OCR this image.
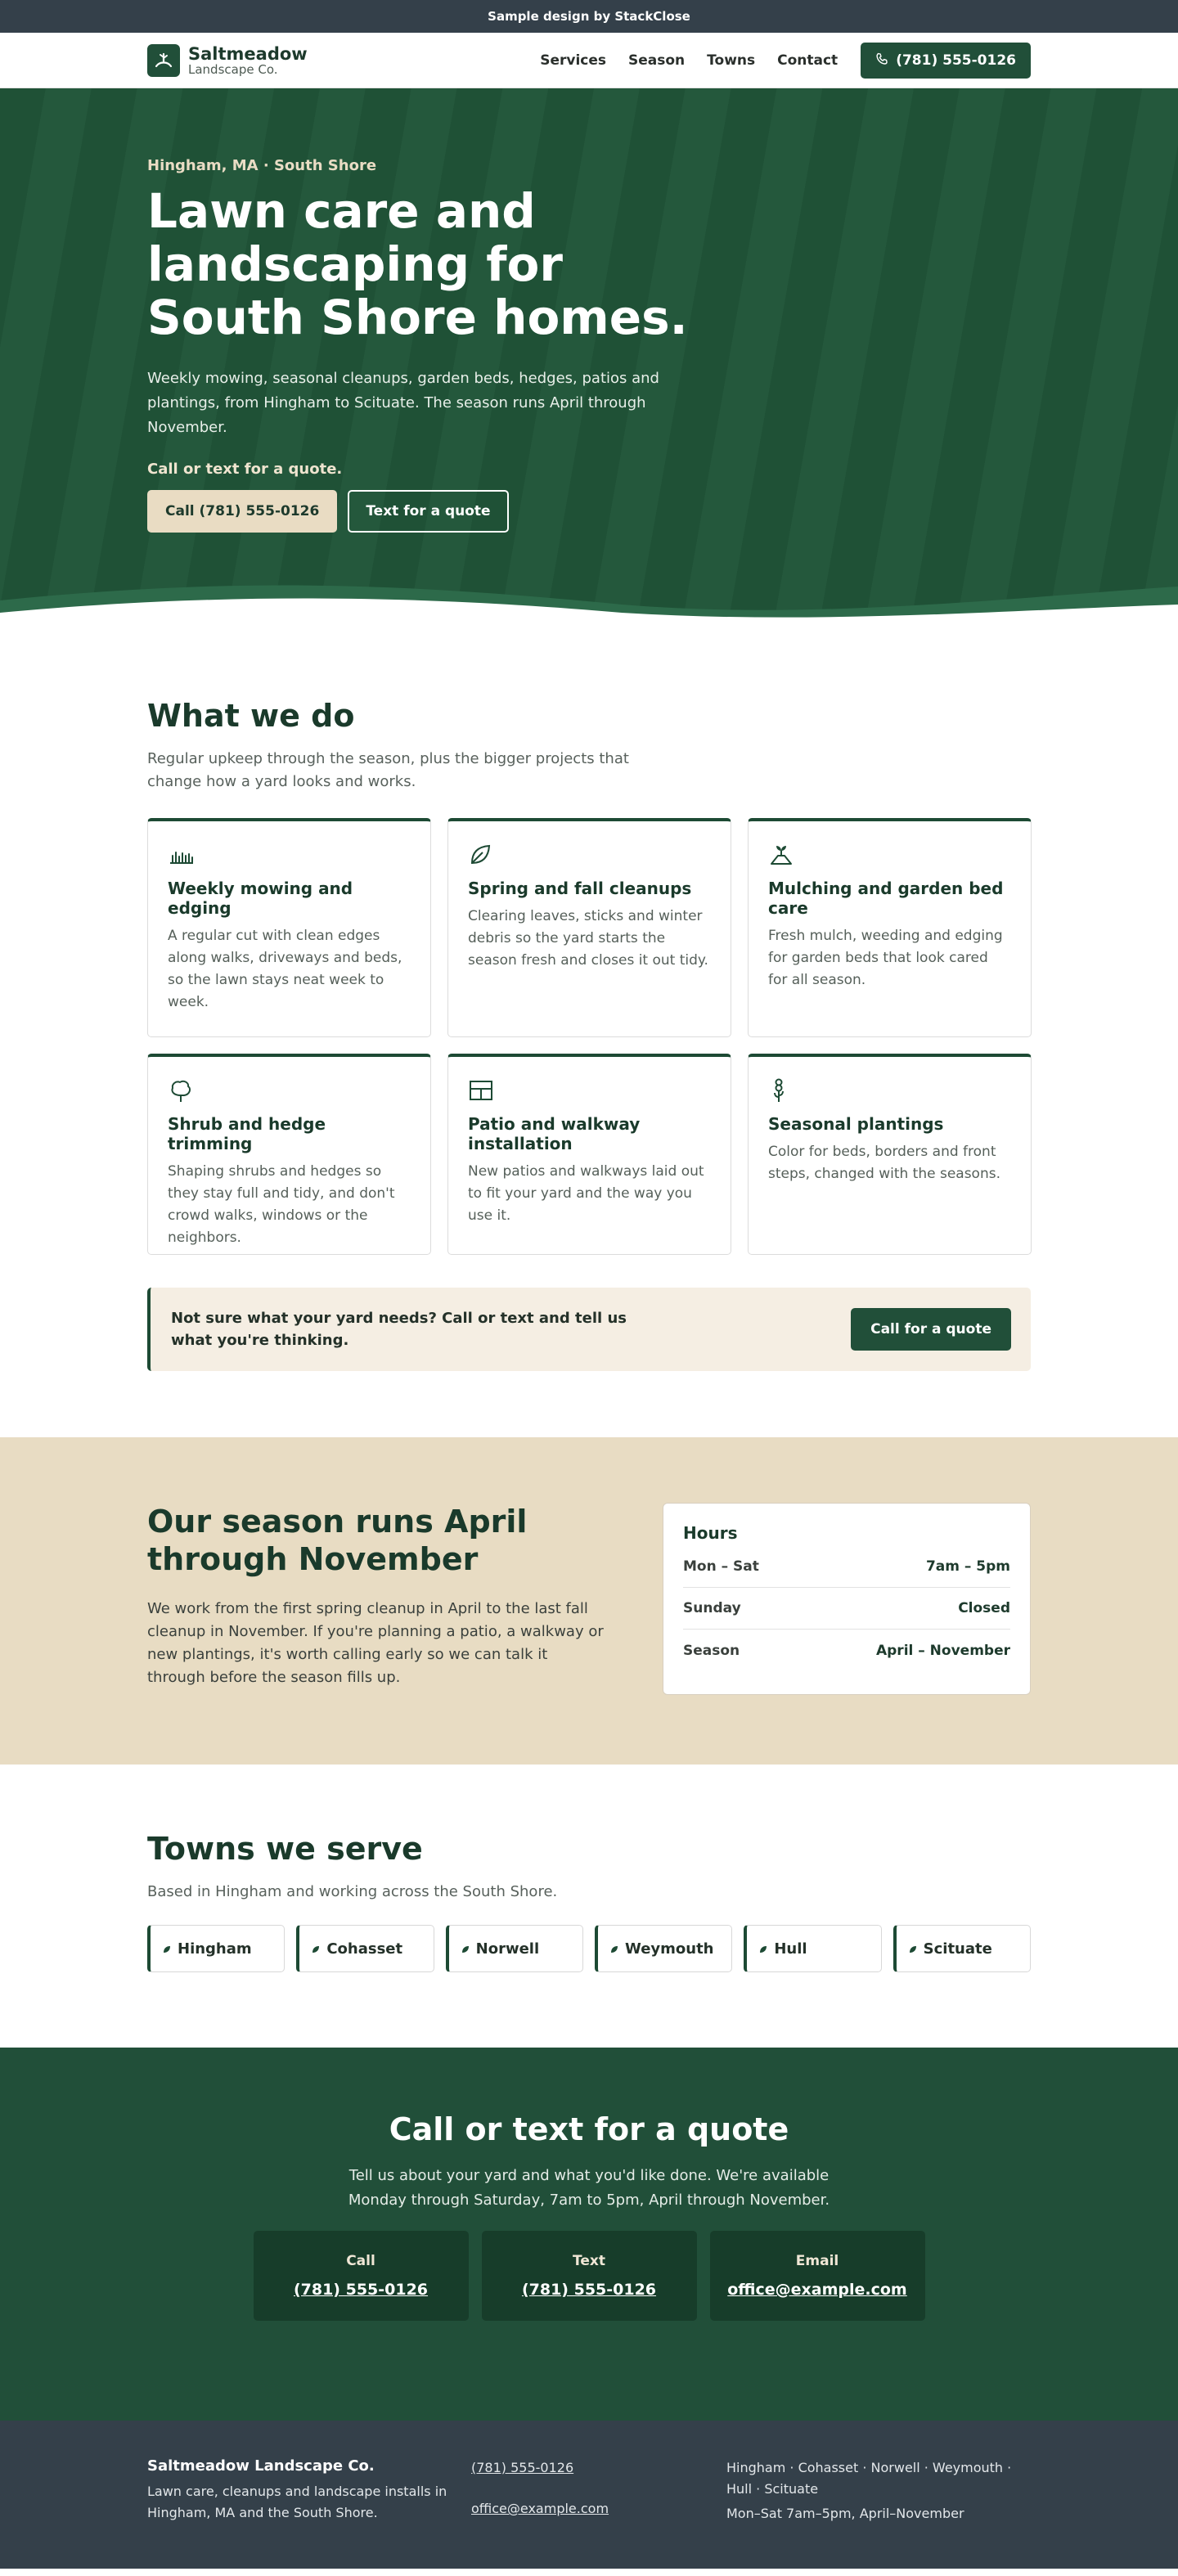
Sample design by StackClose
Saltmeadow
Landscape Co.
Services Season Towns Contact	(781) 555-0126
Hingham, MA · South Shore
Lawn care and landscaping for South Shore homes.

Weekly mowing, seasonal cleanups, garden beds, hedges, patios and plantings, from Hingham to Scituate. The season runs April through November.

Call or text for a quote.
Call (781) 555-0126	Text for a quote
What we do

Regular upkeep through the season, plus the bigger projects that change how a yard looks and works.

Weekly mowing and edging
A regular cut with clean edges along walks, driveways and beds, so the lawn stays neat week to week.
Spring and fall cleanups
Clearing leaves, sticks and winter debris so the yard starts the season fresh and closes it out tidy.
Mulching and garden bed care
Fresh mulch, weeding and edging for garden beds that look cared for all season.
Shrub and hedge trimming
Shaping shrubs and hedges so they stay full and tidy, and don't crowd walks, windows or the neighbors.
Patio and walkway installation
New patios and walkways laid out to fit your yard and the way you use it.
Seasonal plantings
Color for beds, borders and front steps, changed with the seasons.
Not sure what your yard needs? Call or text and tell us what you're thinking.
Call for a quote
Our season runs April through November

We work from the first spring cleanup in April to the last fall cleanup in November. If you're planning a patio, a walkway or new plantings, it's worth calling early so we can talk it through before the season fills up.

Hours
Mon – Sat	7am – 5pm
Sunday	Closed
Season	April – November
Towns we serve

Based in Hingham and working across the South Shore.

Hingham	Cohasset	Norwell	Weymouth	Hull	Scituate
Call or text for a quote

Tell us about your yard and what you'd like done. We're available Monday through Saturday, 7am to 5pm, April through November.

Call
(781) 555-0126
Text
(781) 555-0126
Email
office@example.com
Saltmeadow Landscape Co.
Lawn care, cleanups and landscape installs in Hingham, MA and the South Shore.
(781) 555-0126
office@example.com
Hingham · Cohasset · Norwell · Weymouth · Hull · Scituate
Mon–Sat 7am–5pm, April–November
